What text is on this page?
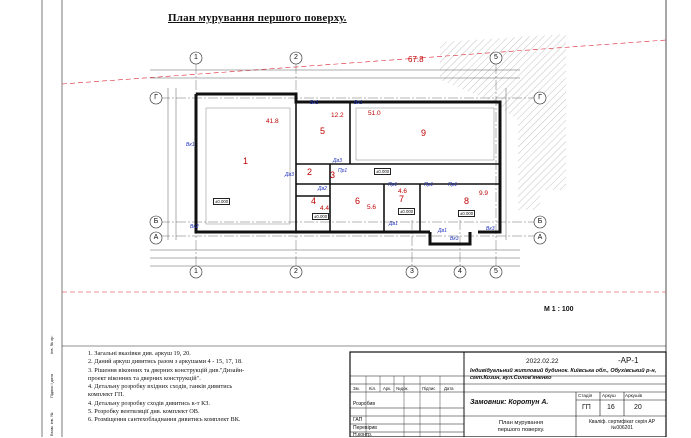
План мурування першого поверху.
67.8
1	2	5
1	2	3	4	5
Г
Б
А
Г
Б
А
1
41.8
2 3
4
4.4
5
12.2
6
5.6
7
4.6
8
9.9
9
51.0
Вк1
Вк1	Вк1
Вк2	Вк3
Дв3
Дв3
Дв2
Пр1
Пр1	Пр1	Пр1
Дв1
Дв1
Вк3
±0.000
±0.000
±0.000
±0.000	±0.000
М 1 : 100
1. Загальні вказівки див. аркуш 19, 20.
2. Даний аркуш дивитись разом з аркушами 4 - 15, 17, 18.
3. Рішення віконних та дверних конструкцій див."Дизайн-
проект віконних та дверних конструкцій".
4. Детальну розробку вхідних сходів, ганків дивитись
комплект ГП.
4. Детальну розробку сходів дивитись к-т КЗ.
5. Розробку вентиляції див. комплект ОВ.
6. Розміщення сантехобладнання дивитись комплект ВК.
2022.02.22	-АР-1
Індивідуальний житловий будинок. Київська обл., Обухівський р-н, смт.Козин, вул.Солов'яненко
Зм. Кіл. Арк. №док.	Підпис Дата
Розробив
ГАП
Перевірив
Н.контр.
Замовник: Коротун А.
Стадія Аркуш Аркушів
ГП 16	20
План мурування першого поверху.
Кваліф. сертифікат серія АР №006201
Інв. № ор.
Підпис і дата
Взам. інв. №
